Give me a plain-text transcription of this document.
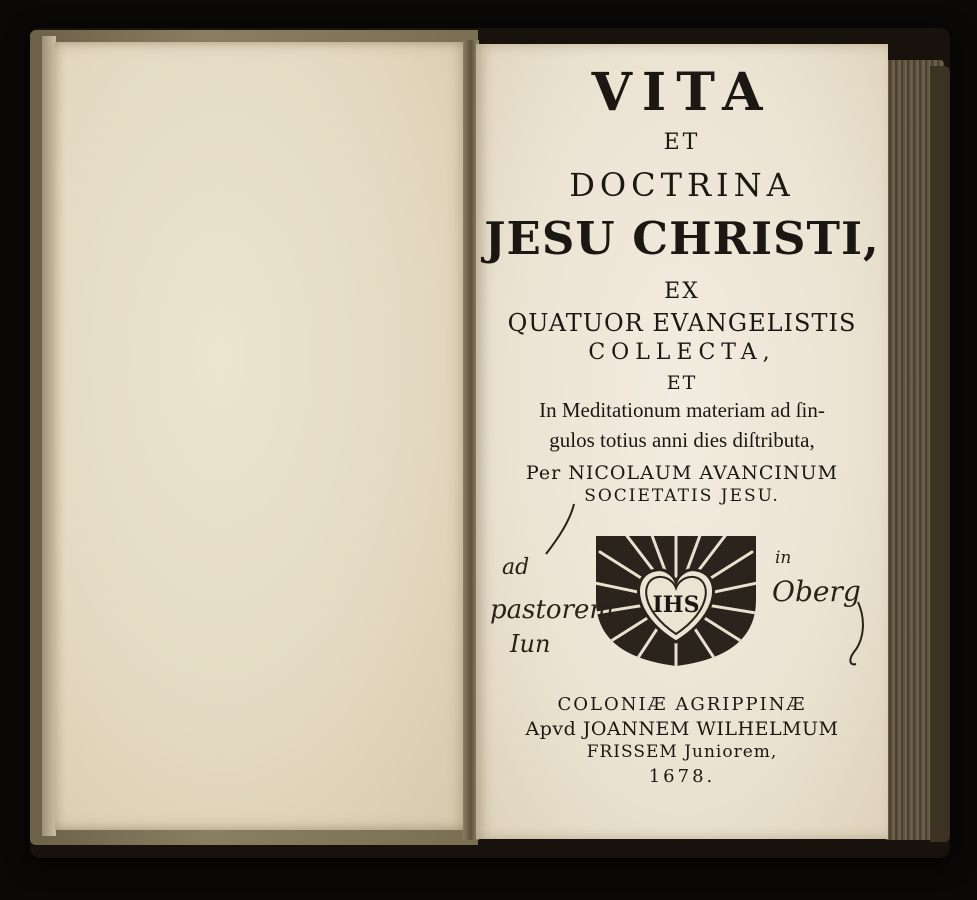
VITA
ET
DOCTRINA
JESU CHRISTI,
EX
QUATUOR EVANGELISTIS
COLLECTA,
ET
In Meditationum materiam ad ſin-
gulos totius anni dies diſtributa,
Per NICOLAUM AVANCINUM
SOCIETATIS JESU.
IHS
COLONIÆ AGRIPPINÆ
Apvd JOANNEM WILHELMUM
FRISSEM Juniorem,
1678.
ad
pastorem
Iun
in
Oberg
